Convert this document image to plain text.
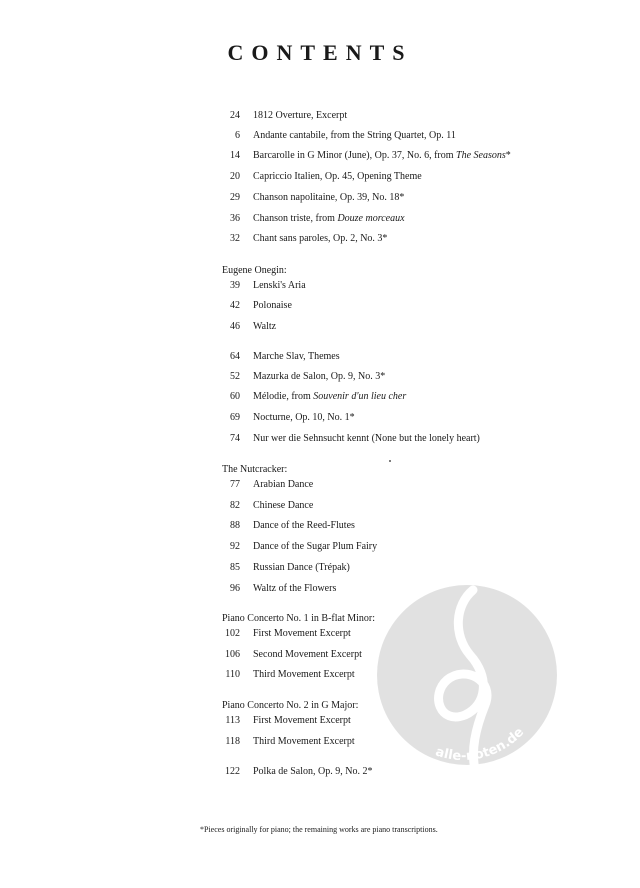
CONTENTS
24 1812 Overture, Excerpt
6 Andante cantabile, from the String Quartet, Op. 11
14 Barcarolle in G Minor (June), Op. 37, No. 6, from The Seasons*
20 Capriccio Italien, Op. 45, Opening Theme
29 Chanson napolitaine, Op. 39, No. 18*
36 Chanson triste, from Douze morceaux
32 Chant sans paroles, Op. 2, No. 3*
Eugene Onegin:
39 Lenski's Aria
42 Polonaise
46 Waltz
64 Marche Slav, Themes
52 Mazurka de Salon, Op. 9, No. 3*
60 Mélodie, from Souvenir d'un lieu cher
69 Nocturne, Op. 10, No. 1*
74 Nur wer die Sehnsucht kennt (None but the lonely heart)
The Nutcracker:
77 Arabian Dance
82 Chinese Dance
88 Dance of the Reed-Flutes
92 Dance of the Sugar Plum Fairy
85 Russian Dance (Trépak)
96 Waltz of the Flowers
Piano Concerto No. 1 in B-flat Minor:
102 First Movement Excerpt
106 Second Movement Excerpt
110 Third Movement Excerpt
Piano Concerto No. 2 in G Major:
113 First Movement Excerpt
118 Third Movement Excerpt
122 Polka de Salon, Op. 9, No. 2*
*Pieces originally for piano; the remaining works are piano transcriptions.
alle-noten.de
